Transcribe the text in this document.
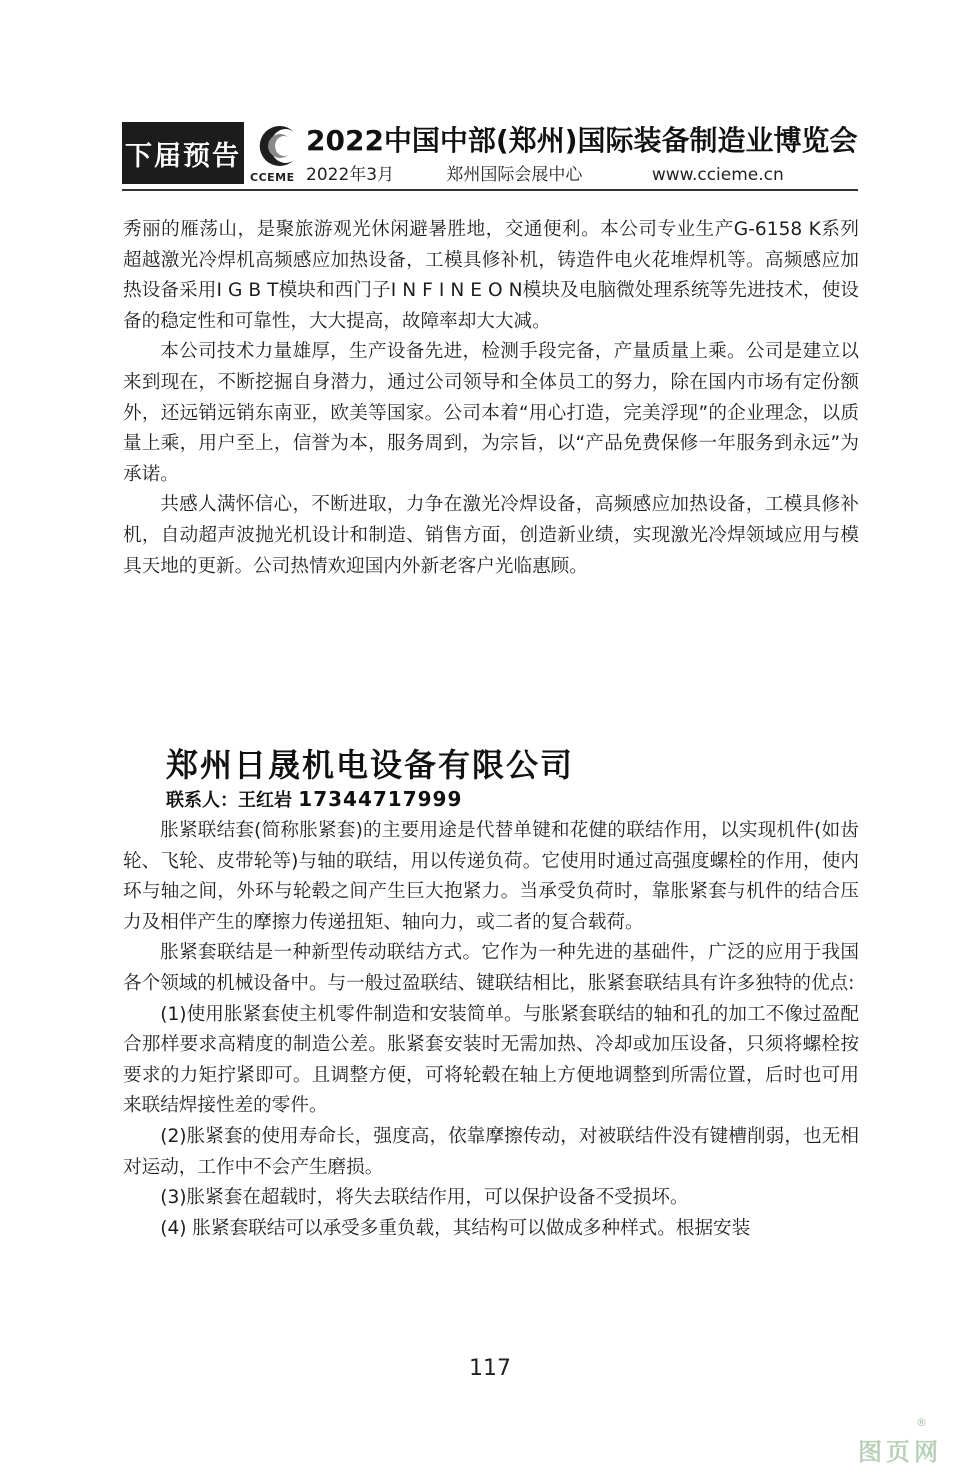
下届预告
CCEME
2022中国中部(郑州)国际装备制造业博览会
2022年3月	郑州国际会展中心	www.ccieme.cn

秀丽的雁荡山，是聚旅游观光休闲避暑胜地，交通便利。本公司专业生产G-6158 K系列超越激光冷焊机高频感应加热设备，工模具修补机，铸造件电火花堆焊机等。高频感应加热设备采用I G B T模块和西门子I N F I N E O N模块及电脑微处理系统等先进技术，使设备的稳定性和可靠性，大大提高，故障率却大大减。

本公司技术力量雄厚，生产设备先进，检测手段完备，产量质量上乘。公司是建立以来到现在，不断挖掘自身潜力，通过公司领导和全体员工的努力，除在国内市场有定份额外，还远销远销东南亚，欧美等国家。公司本着“用心打造，完美浮现”的企业理念，以质量上乘，用户至上，信誉为本，服务周到，为宗旨，以“产品免费保修一年服务到永远”为承诺。

共感人满怀信心，不断进取，力争在激光冷焊设备，高频感应加热设备，工模具修补机，自动超声波抛光机设计和制造、销售方面，创造新业绩，实现激光冷焊领域应用与模具天地的更新。公司热情欢迎国内外新老客户光临惠顾。

郑州日晟机电设备有限公司
联系人：王红岩 17344717999

胀紧联结套(简称胀紧套)的主要用途是代替单键和花健的联结作用，以实现机件(如齿轮、飞轮、皮带轮等)与轴的联结，用以传递负荷。它使用时通过高强度螺栓的作用，使内环与轴之间，外环与轮毂之间产生巨大抱紧力。当承受负荷时，靠胀紧套与机件的结合压力及相伴产生的摩擦力传递扭矩、轴向力，或二者的复合载荷。

胀紧套联结是一种新型传动联结方式。它作为一种先进的基础件，广泛的应用于我国各个领域的机械设备中。与一般过盈联结、键联结相比，胀紧套联结具有许多独特的优点:

(1)使用胀紧套使主机零件制造和安装简单。与胀紧套联结的轴和孔的加工不像过盈配合那样要求高精度的制造公差。胀紧套安装时无需加热、冷却或加压设备，只须将螺栓按要求的力矩拧紧即可。且调整方便，可将轮毂在轴上方便地调整到所需位置，后时也可用来联结焊接性差的零件。

(2)胀紧套的使用寿命长，强度高，依靠摩擦传动，对被联结件没有键槽削弱，也无相对运动，工作中不会产生磨损。

(3)胀紧套在超载时，将失去联结作用，可以保护设备不受损坏。

(4) 胀紧套联结可以承受多重负载，其结构可以做成多种样式。根据安装

117
图页网
®
